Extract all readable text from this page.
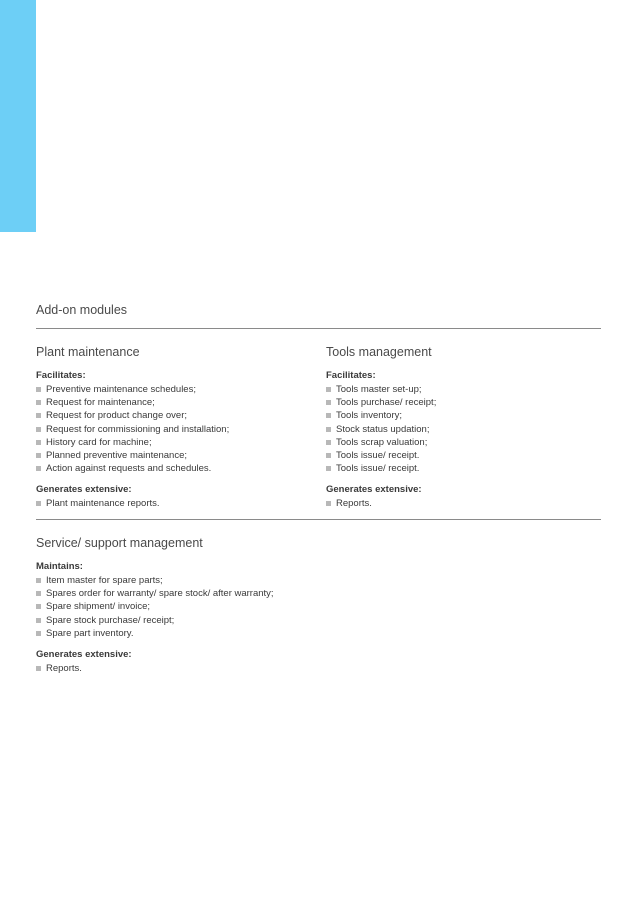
Add-on modules
Plant maintenance
Facilitates:
Preventive maintenance schedules;
Request for maintenance;
Request for product change over;
Request for commissioning and installation;
History card for machine;
Planned preventive maintenance;
Action against requests and schedules.
Generates extensive:
Plant maintenance reports.
Tools management
Facilitates:
Tools master set-up;
Tools purchase/ receipt;
Tools inventory;
Stock status updation;
Tools scrap valuation;
Tools issue/ receipt.
Tools issue/ receipt.
Generates extensive:
Reports.
Service/ support management
Maintains:
Item master for spare parts;
Spares order for warranty/ spare stock/ after warranty;
Spare shipment/ invoice;
Spare stock purchase/ receipt;
Spare part inventory.
Generates extensive:
Reports.
